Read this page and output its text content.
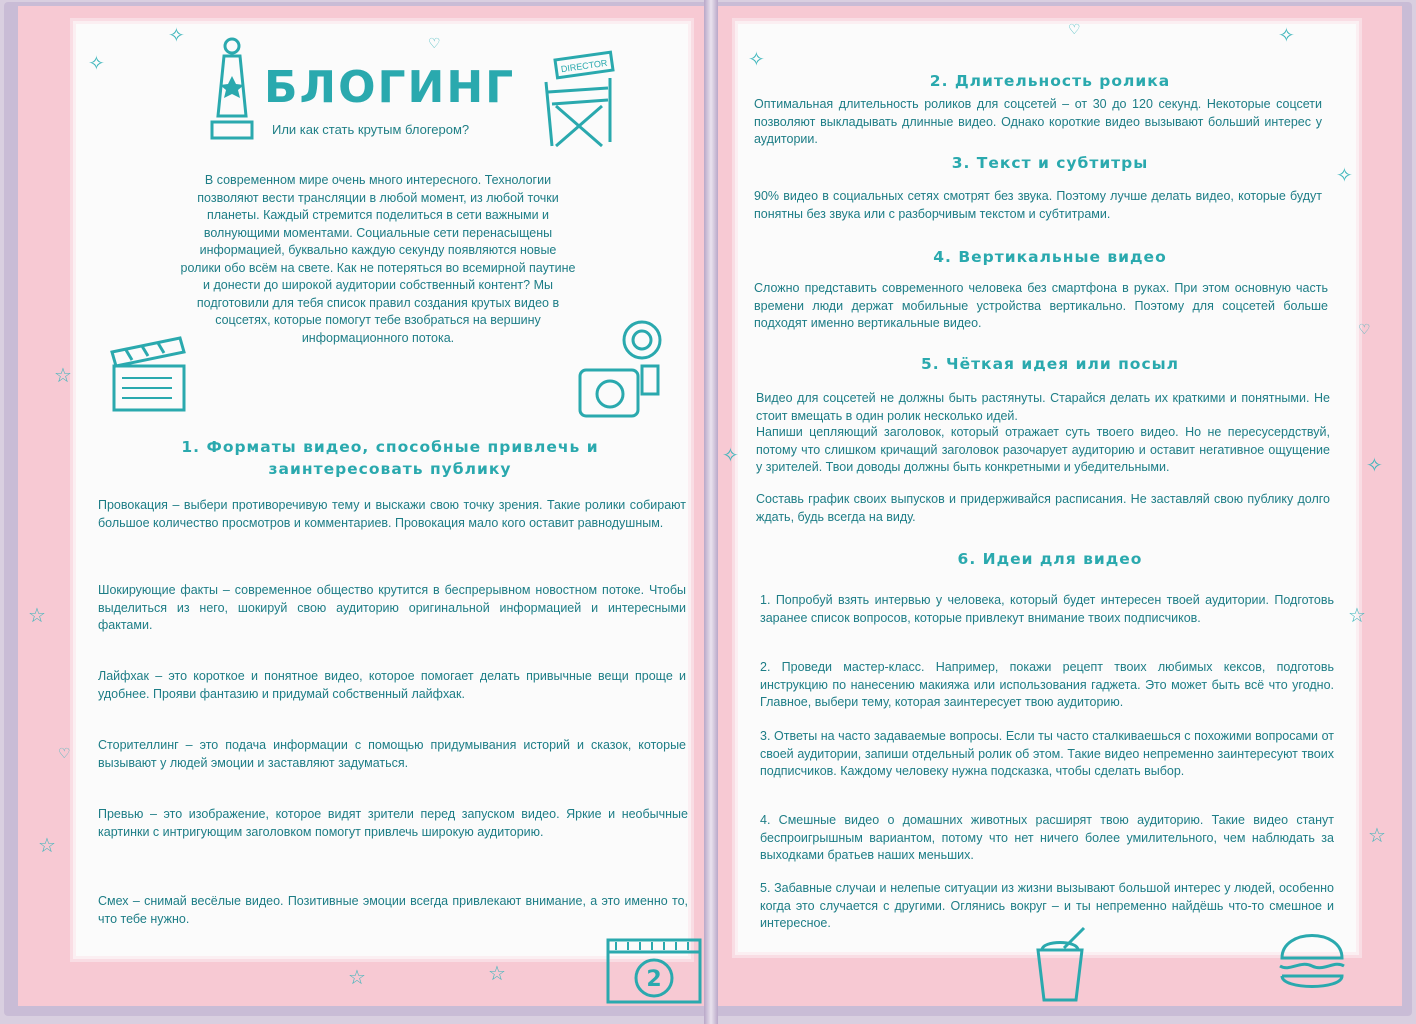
✧
✧
☆
☆
☆
♡
♡
☆	☆
БЛОГИНГ
Или как стать крутым блогером?
В современном мире очень много интересного. Технологии позволяют вести трансляции в любой момент, из любой точки планеты. Каждый стремится поделиться в сети важными и волнующими моментами. Социальные сети перенасыщены информацией, буквально каждую секунду появляются новые ролики обо всём на свете. Как не потеряться во всемирной паутине и донести до широкой аудитории собственный контент? Мы подготовили для тебя список правил создания крутых видео в соцсетях, которые помогут тебе взобраться на вершину информационного потока.
DIRECTOR
1. Форматы видео, способные привлечь и заинтересовать публику
Провокация – выбери противоречивую тему и выскажи свою точку зрения. Такие ролики собирают большое количество просмотров и комментариев. Провокация мало кого оставит равнодушным.
Шокирующие факты – современное общество крутится в беспрерывном новостном потоке. Чтобы выделиться из него, шокируй свою аудиторию оригинальной информацией и интересными фактами.
Лайфхак – это короткое и понятное видео, которое помогает делать привычные вещи проще и удобнее. Прояви фантазию и придумай собственный лайфхак.
Сторителлинг – это подача информации с помощью придумывания историй и сказок, которые вызывают у людей эмоции и заставляют задуматься.
Превью – это изображение, которое видят зрители перед запуском видео. Яркие и необычные картинки с интригующим заголовком помогут привлечь широкую аудиторию.
Смех – снимай весёлые видео. Позитивные эмоции всегда привлекают внимание, а это именно то, что тебе нужно.
2
✧
♡	✧
✧
♡
✧
☆
☆
✧
2. Длительность ролика
Оптимальная длительность роликов для соцсетей – от 30 до 120 секунд. Некоторые соцсети позволяют выкладывать длинные видео. Однако короткие видео вызывают больший интерес у аудитории.
3. Текст и субтитры
90% видео в социальных сетях смотрят без звука. Поэтому лучше делать видео, которые будут понятны без звука или с разборчивым текстом и субтитрами.
4. Вертикальные видео
Сложно представить современного человека без смартфона в руках. При этом основную часть времени люди держат мобильные устройства вертикально. Поэтому для соцсетей больше подходят именно вертикальные видео.
5. Чёткая идея или посыл
Видео для соцсетей не должны быть растянуты. Старайся делать их краткими и понятными. Не стоит вмещать в один ролик несколько идей.
Напиши цепляющий заголовок, который отражает суть твоего видео. Но не пересусердствуй, потому что слишком кричащий заголовок разочарует аудиторию и оставит негативное ощущение у зрителей. Твои доводы должны быть конкретными и убедительными.
Составь график своих выпусков и придерживайся расписания. Не заставляй свою публику долго ждать, будь всегда на виду.
6. Идеи для видео
1. Попробуй взять интервью у человека, который будет интересен твоей аудитории. Подготовь заранее список вопросов, которые привлекут внимание твоих подписчиков.
2. Проведи мастер-класс. Например, покажи рецепт твоих любимых кексов, подготовь инструкцию по нанесению макияжа или использования гаджета. Это может быть всё что угодно. Главное, выбери тему, которая заинтересует твою аудиторию.
3. Ответы на часто задаваемые вопросы. Если ты часто сталкиваешься с похожими вопросами от своей аудитории, запиши отдельный ролик об этом. Такие видео непременно заинтересуют твоих подписчиков. Каждому человеку нужна подсказка, чтобы сделать выбор.
4. Смешные видео о домашних животных расширят твою аудиторию. Такие видео станут беспроигрышным вариантом, потому что нет ничего более умилительного, чем наблюдать за выходками братьев наших меньших.
5. Забавные случаи и нелепые ситуации из жизни вызывают большой интерес у людей, особенно когда это случается с другими. Оглянись вокруг – и ты непременно найдёшь что-то смешное и интересное.
